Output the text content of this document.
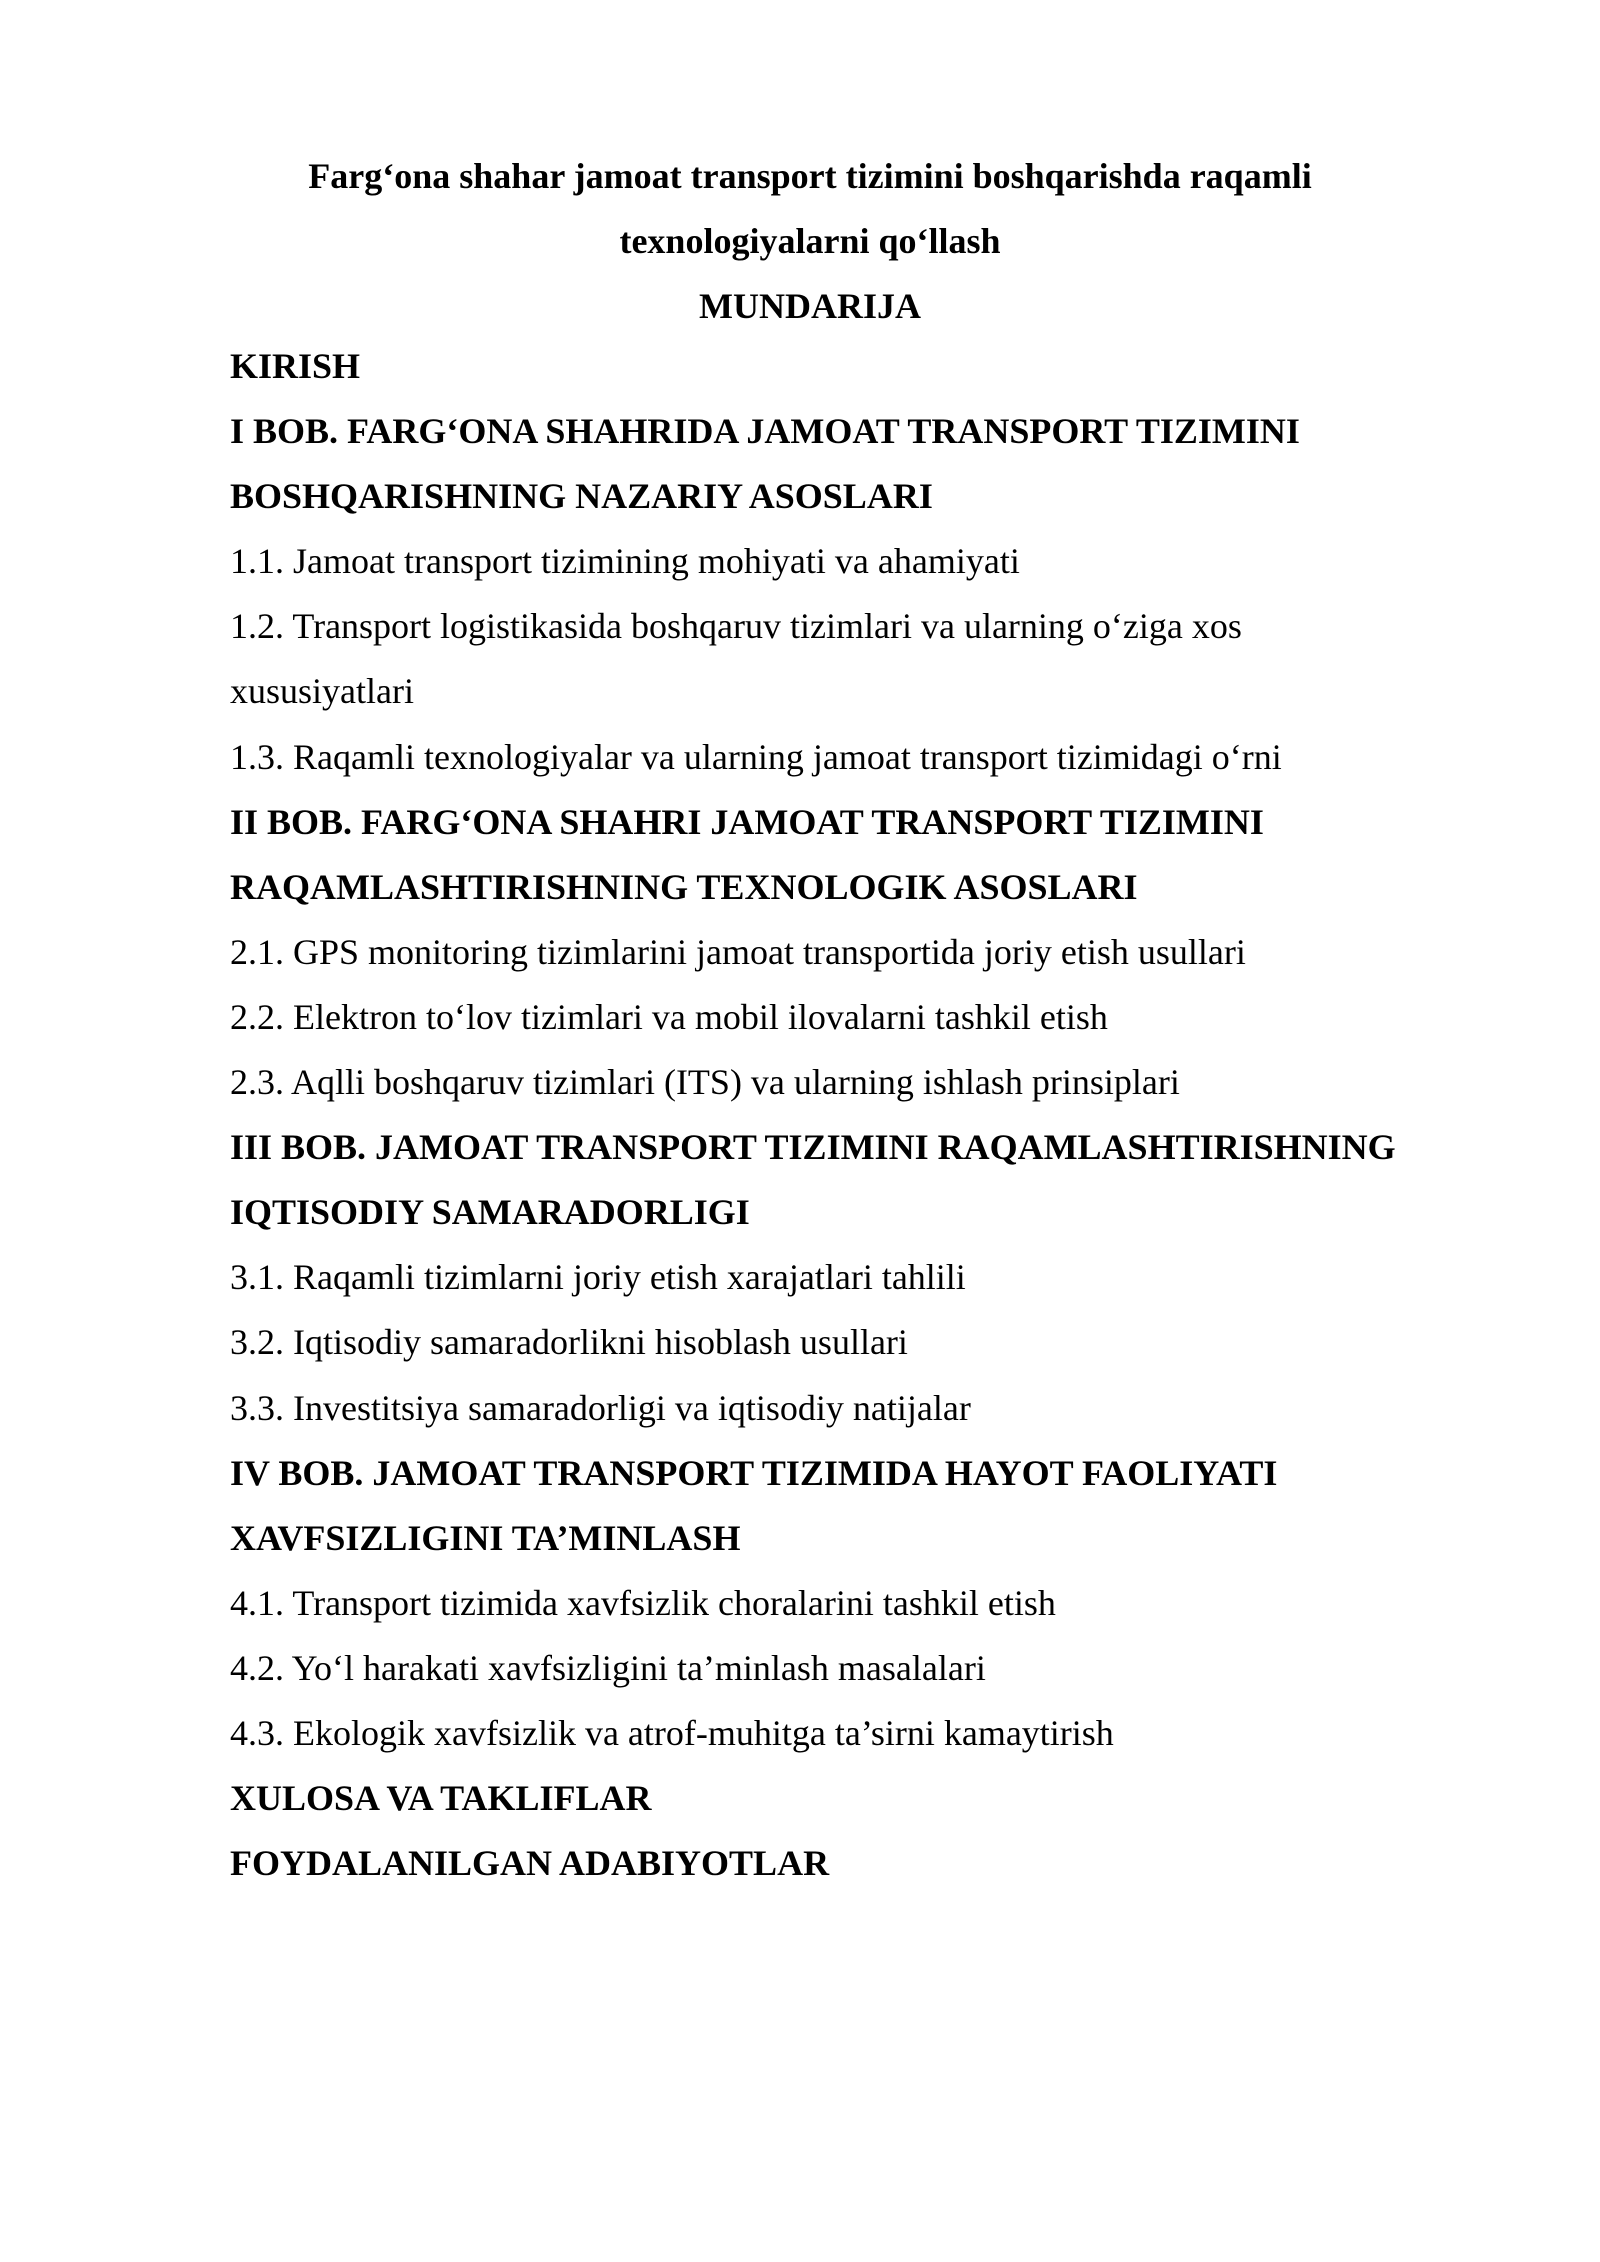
Farg‘ona shahar jamoat transport tizimini boshqarishda raqamli
texnologiyalarni qo‘llash
MUNDARIJA
KIRISH
I BOB. FARG‘ONA SHAHRIDA JAMOAT TRANSPORT TIZIMINI
BOSHQARISHNING NAZARIY ASOSLARI
1.1. Jamoat transport tizimining mohiyati va ahamiyati
1.2. Transport logistikasida boshqaruv tizimlari va ularning o‘ziga xos
xususiyatlari
1.3. Raqamli texnologiyalar va ularning jamoat transport tizimidagi o‘rni
II BOB. FARG‘ONA SHAHRI JAMOAT TRANSPORT TIZIMINI
RAQAMLASHTIRISHNING TEXNOLOGIK ASOSLARI
2.1. GPS monitoring tizimlarini jamoat transportida joriy etish usullari
2.2. Elektron to‘lov tizimlari va mobil ilovalarni tashkil etish
2.3. Aqlli boshqaruv tizimlari (ITS) va ularning ishlash prinsiplari
III BOB. JAMOAT TRANSPORT TIZIMINI RAQAMLASHTIRISHNING
IQTISODIY SAMARADORLIGI
3.1. Raqamli tizimlarni joriy etish xarajatlari tahlili
3.2. Iqtisodiy samaradorlikni hisoblash usullari
3.3. Investitsiya samaradorligi va iqtisodiy natijalar
IV BOB. JAMOAT TRANSPORT TIZIMIDA HAYOT FAOLIYATI
XAVFSIZLIGINI TA’MINLASH
4.1. Transport tizimida xavfsizlik choralarini tashkil etish
4.2. Yo‘l harakati xavfsizligini ta’minlash masalalari
4.3. Ekologik xavfsizlik va atrof-muhitga ta’sirni kamaytirish
XULOSA VA TAKLIFLAR
FOYDALANILGAN ADABIYOTLAR
